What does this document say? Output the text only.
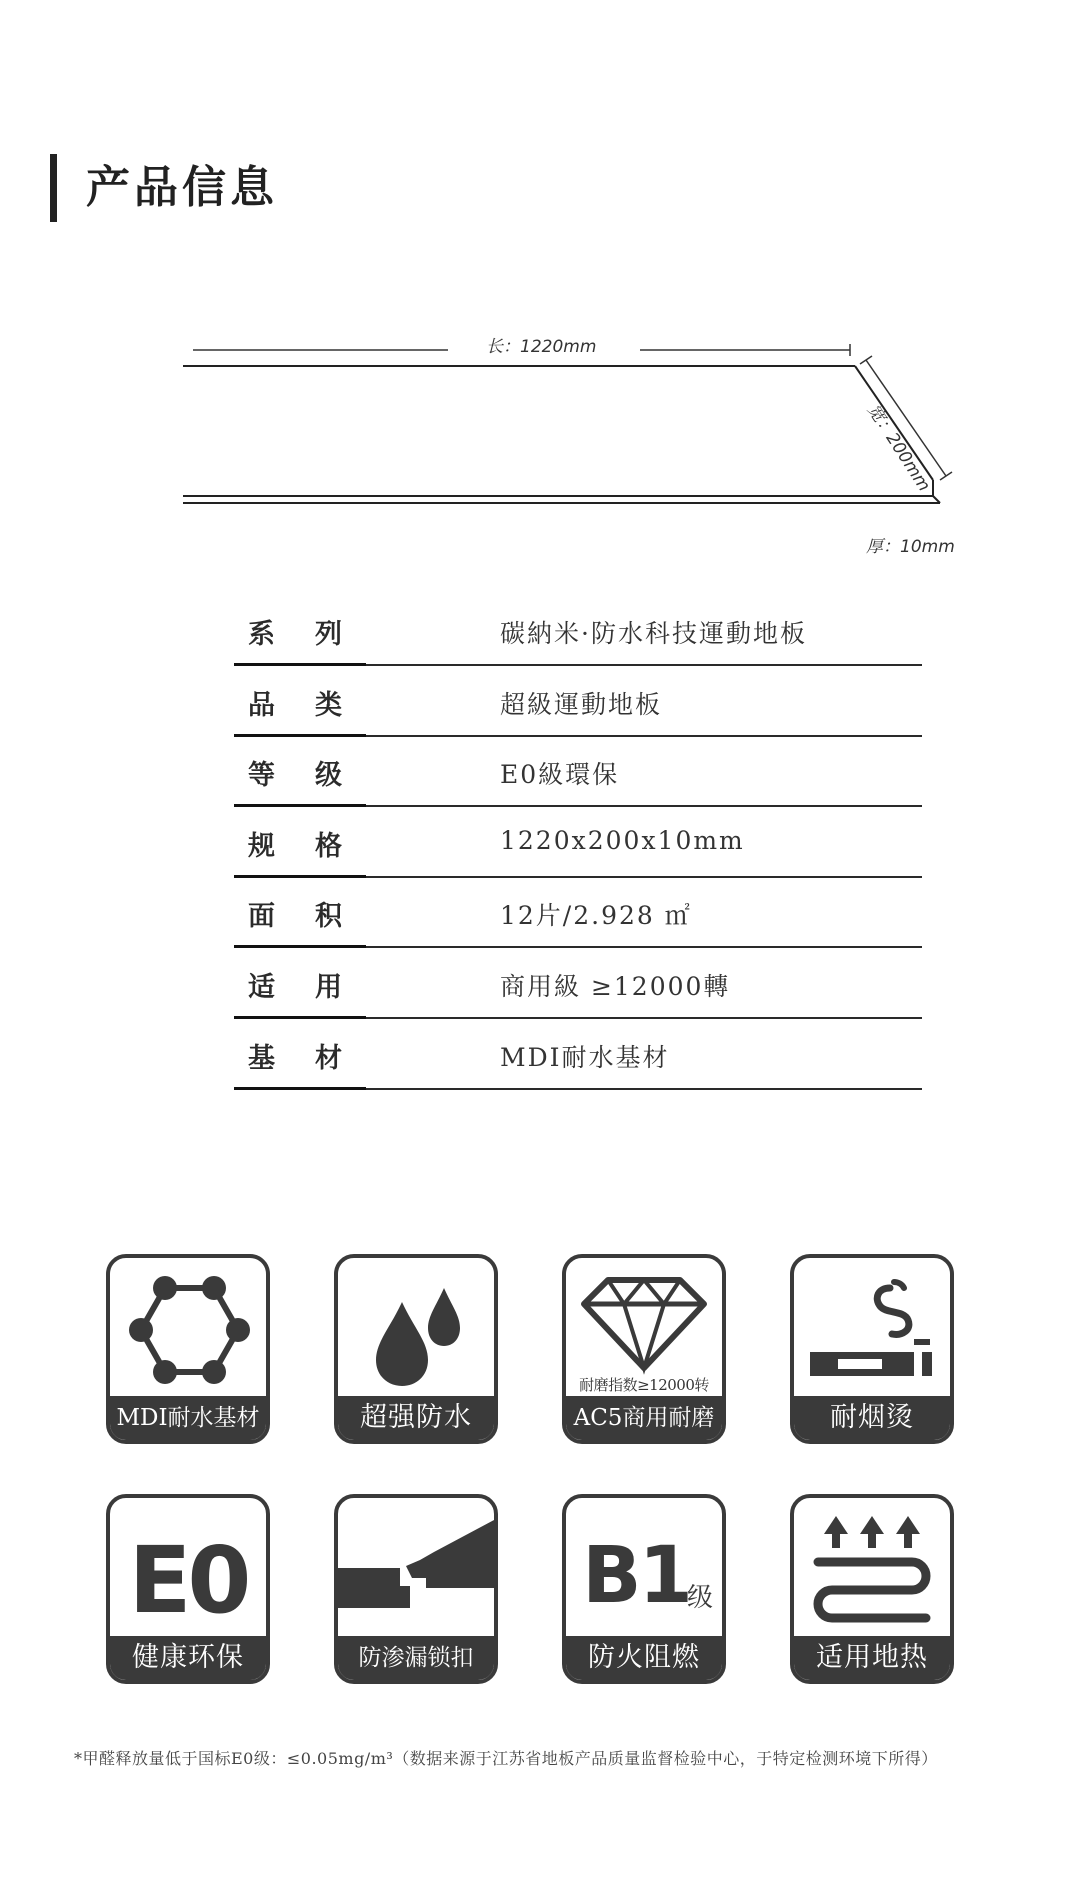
产品信息
长：1220mm
宽：200mm
厚：10mm
系列	碳納米·防水科技運動地板
品类	超級運動地板
等级	E0級環保
规格	1220x200x10mm
面积	12片/2.928 ㎡
适用	商用級 ≥12000轉
基材	MDI耐水基材
MDI耐水基材	超强防水
耐磨指数≥12000转
AC5商用耐磨	耐烟烫
E0
健康环保	防渗漏锁扣
B1
级
防火阻燃	适用地热
*甲醛释放量低于国标E0级：≤0.05mg/m³（数据来源于江苏省地板产品质量监督检验中心，于特定检测环境下所得）
